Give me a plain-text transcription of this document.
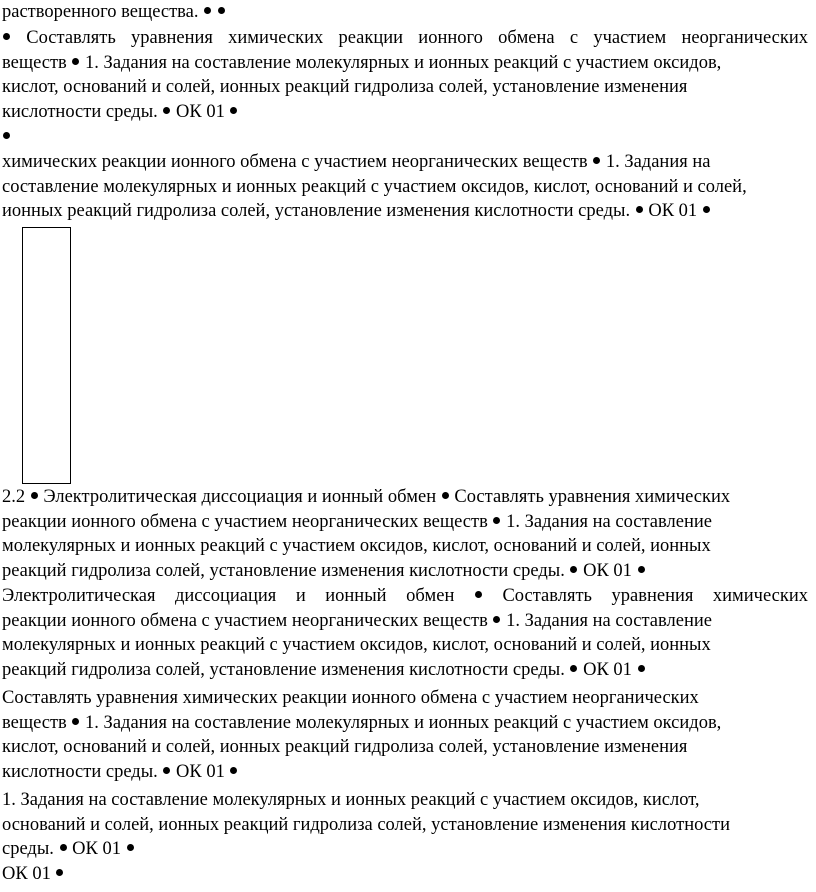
растворенного вещества.

Составлять уравнения химических реакции ионного обмена с участием неорганических
веществ  1. Задания на составление молекулярных и ионных реакций с участием оксидов,
кислот, оснований и солей, ионных реакций гидролиза солей, установление изменения
кислотности среды.  ОК 01

химических реакции ионного обмена с участием неорганических веществ  1. Задания на
составление молекулярных и ионных реакций с участием оксидов, кислот, оснований и солей,
ионных реакций гидролиза солей, установление изменения кислотности среды.  ОК 01

2.2  Электролитическая диссоциация и ионный обмен  Составлять уравнения химических
реакции ионного обмена с участием неорганических веществ  1. Задания на составление
молекулярных и ионных реакций с участием оксидов, кислот, оснований и солей, ионных
реакций гидролиза солей, установление изменения кислотности среды.  ОК 01

Электролитическая диссоциация и ионный обмен  Составлять уравнения химических
реакции ионного обмена с участием неорганических веществ  1. Задания на составление
молекулярных и ионных реакций с участием оксидов, кислот, оснований и солей, ионных
реакций гидролиза солей, установление изменения кислотности среды.  ОК 01

Составлять уравнения химических реакции ионного обмена с участием неорганических
веществ  1. Задания на составление молекулярных и ионных реакций с участием оксидов,
кислот, оснований и солей, ионных реакций гидролиза солей, установление изменения
кислотности среды.  ОК 01

1. Задания на составление молекулярных и ионных реакций с участием оксидов, кислот,
оснований и солей, ионных реакций гидролиза солей, установление изменения кислотности
среды.  ОК 01

ОК 01
